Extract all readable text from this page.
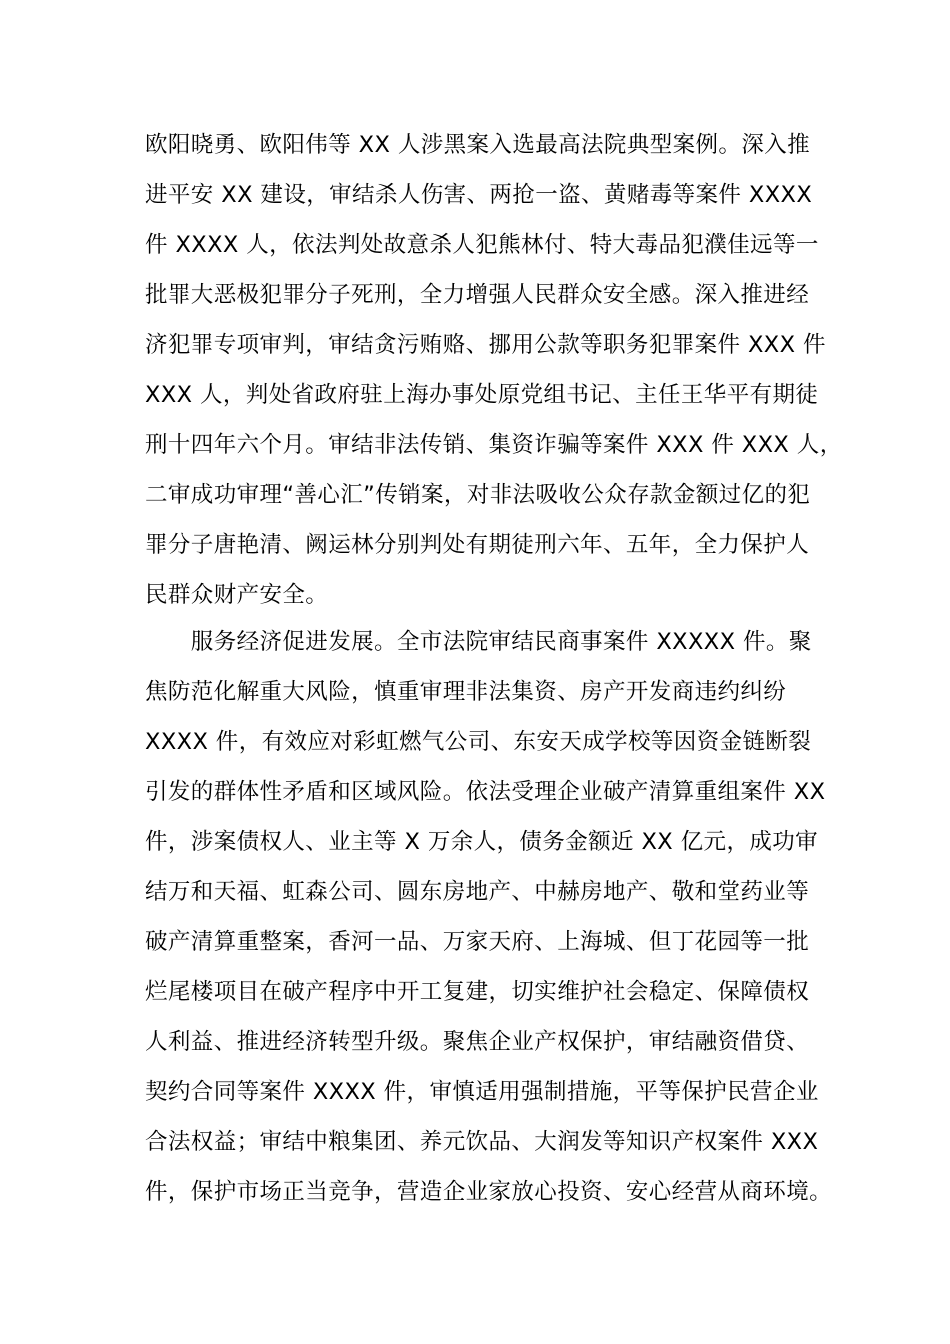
欧阳晓勇、欧阳伟等 XX 人涉黑案入选最高法院典型案例。深入推
进平安 XX 建设，审结杀人伤害、两抢一盗、黄赌毒等案件 XXXX
件 XXXX 人，依法判处故意杀人犯熊林付、特大毒品犯濮佳远等一
批罪大恶极犯罪分子死刑，全力增强人民群众安全感。深入推进经
济犯罪专项审判，审结贪污贿赂、挪用公款等职务犯罪案件 XXX 件
XXX 人，判处省政府驻上海办事处原党组书记、主任王华平有期徒
刑十四年六个月。审结非法传销、集资诈骗等案件 XXX 件 XXX 人，
二审成功审理“善心汇”传销案，对非法吸收公众存款金额过亿的犯
罪分子唐艳清、阙运林分别判处有期徒刑六年、五年，全力保护人
民群众财产安全。
　　服务经济促进发展。全市法院审结民商事案件 XXXXX 件。聚
焦防范化解重大风险，慎重审理非法集资、房产开发商违约纠纷
XXXX 件，有效应对彩虹燃气公司、东安天成学校等因资金链断裂
引发的群体性矛盾和区域风险。依法受理企业破产清算重组案件 XX
件，涉案债权人、业主等 X 万余人，债务金额近 XX 亿元，成功审
结万和天福、虹森公司、圆东房地产、中赫房地产、敬和堂药业等
破产清算重整案，香河一品、万家天府、上海城、但丁花园等一批
烂尾楼项目在破产程序中开工复建，切实维护社会稳定、保障债权
人利益、推进经济转型升级。聚焦企业产权保护，审结融资借贷、
契约合同等案件 XXXX 件，审慎适用强制措施，平等保护民营企业
合法权益；审结中粮集团、养元饮品、大润发等知识产权案件 XXX
件，保护市场正当竞争，营造企业家放心投资、安心经营从商环境。
